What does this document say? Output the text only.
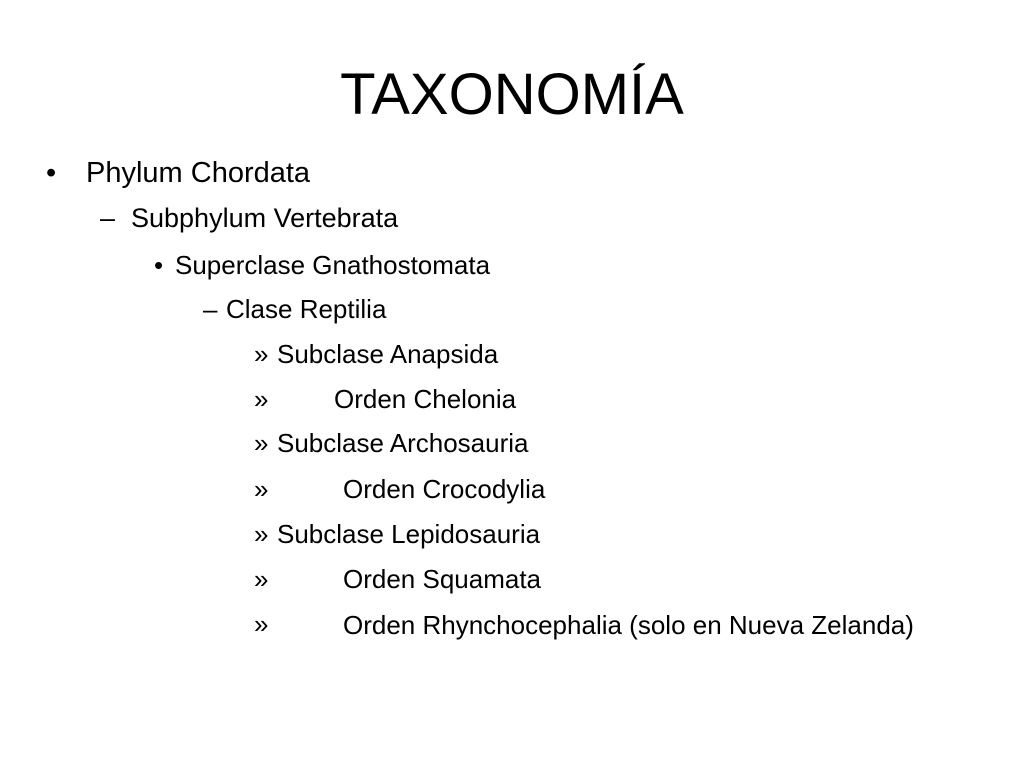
TAXONOMÍA
• Phylum Chordata
– Subphylum Vertebrata
• Superclase Gnathostomata
– Clase Reptilia
» Subclase Anapsida
»	Orden Chelonia
» Subclase Archosauria
»	Orden Crocodylia
» Subclase Lepidosauria
»	Orden Squamata
»	Orden Rhynchocephalia (solo en Nueva Zelanda)
